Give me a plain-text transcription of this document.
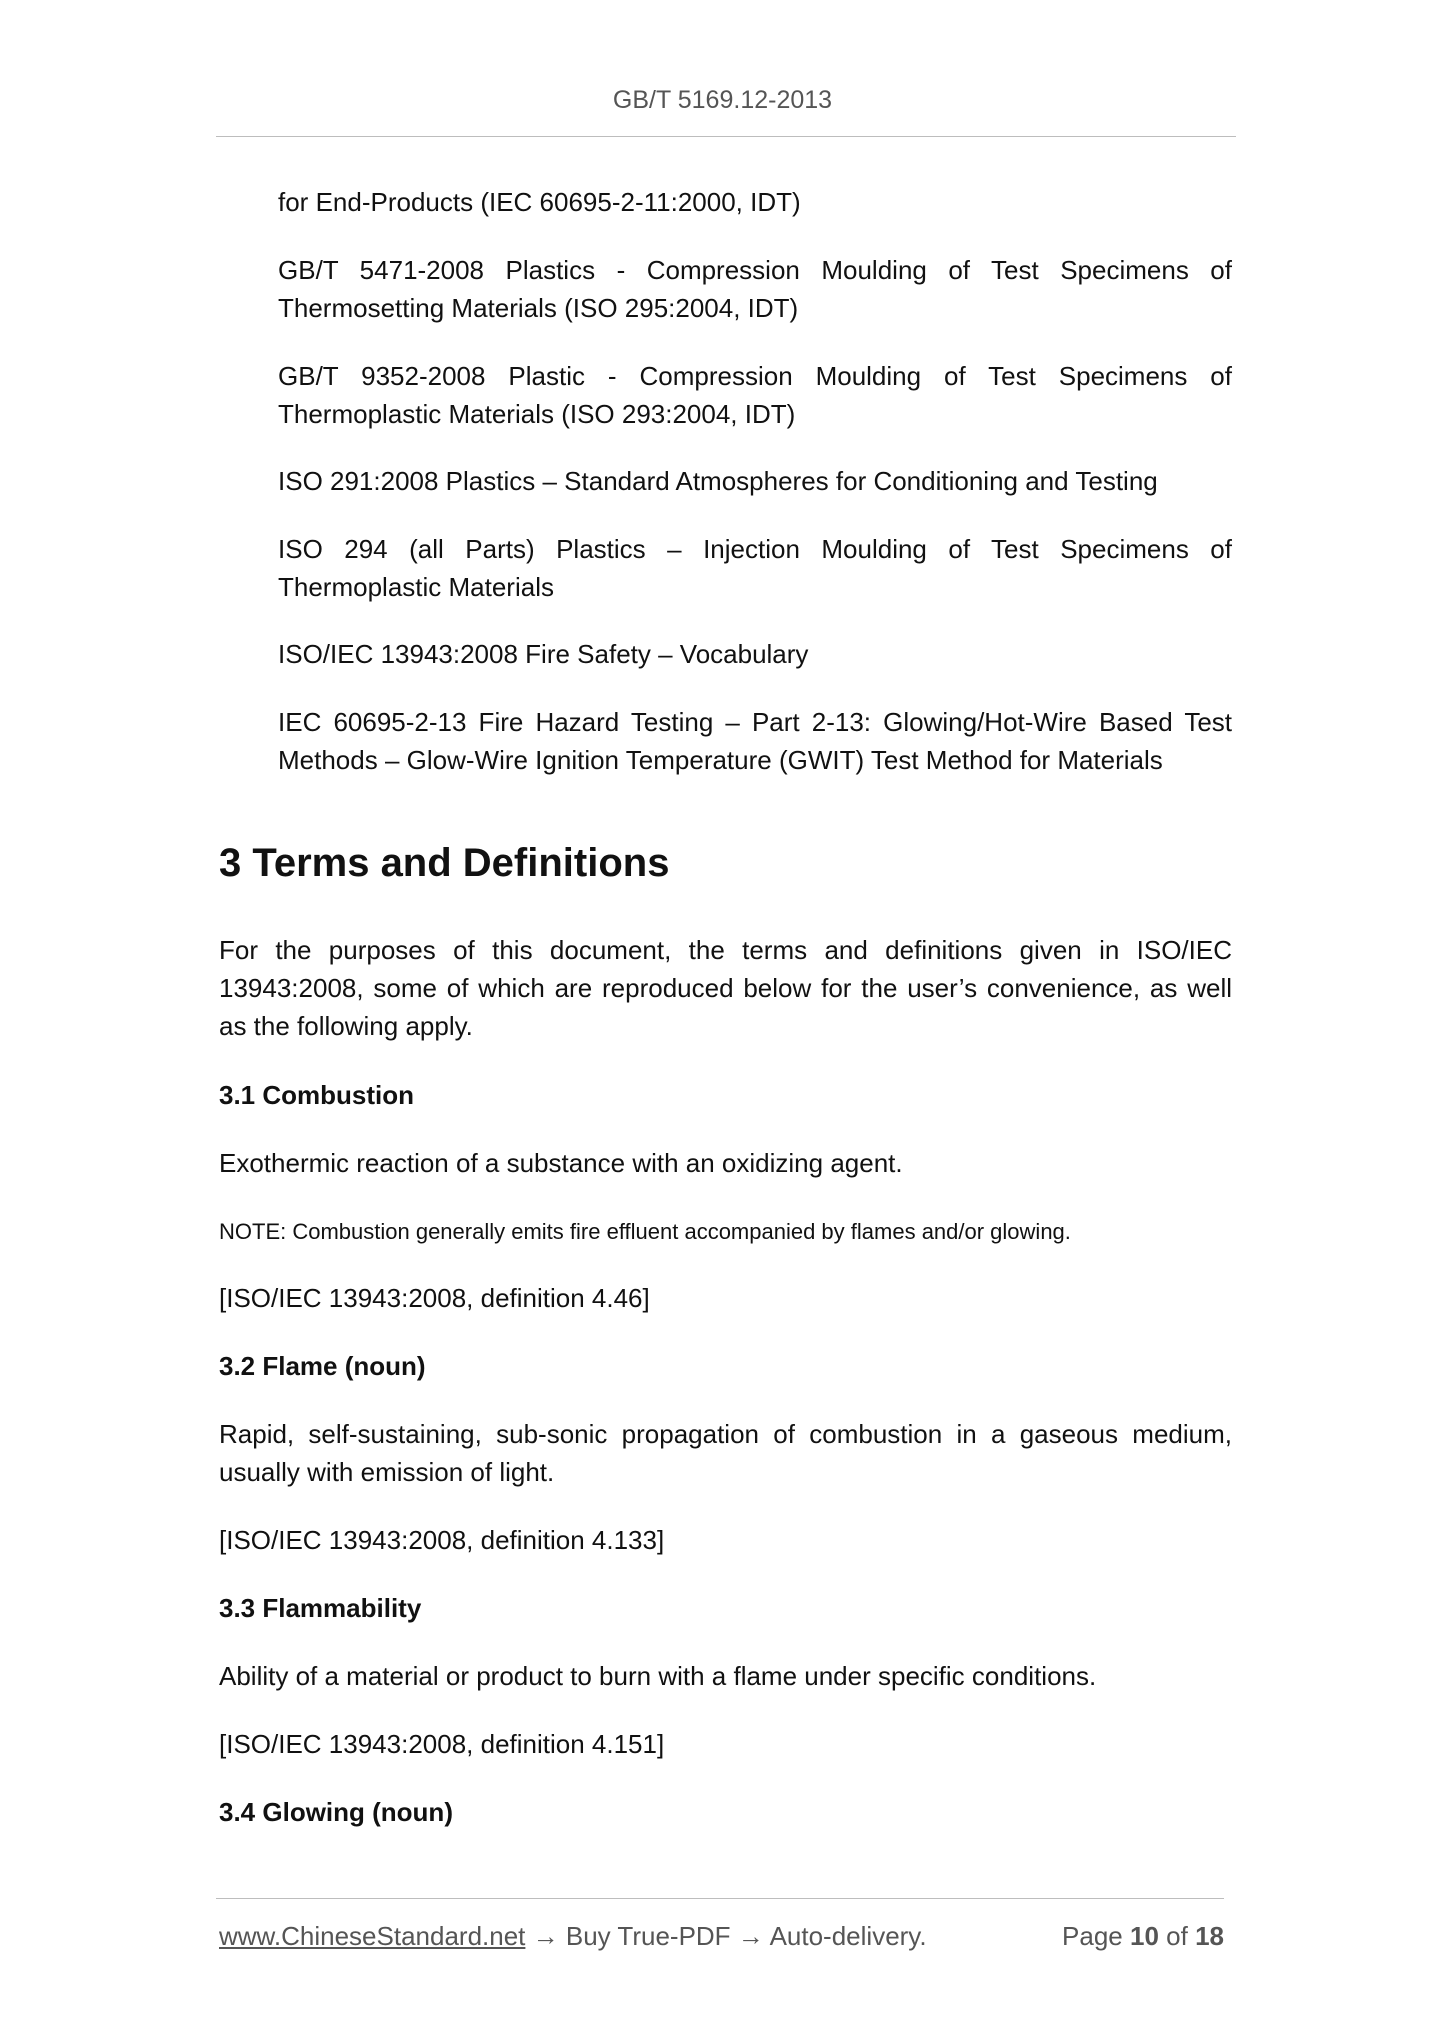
GB/T 5169.12-2013
for End-Products (IEC 60695-2-11:2000, IDT)
GB/T 5471-2008 Plastics - Compression Moulding of Test Specimens of Thermosetting Materials (ISO 295:2004, IDT)
GB/T 9352-2008 Plastic - Compression Moulding of Test Specimens of Thermoplastic Materials (ISO 293:2004, IDT)
ISO 291:2008 Plastics – Standard Atmospheres for Conditioning and Testing
ISO 294 (all Parts) Plastics – Injection Moulding of Test Specimens of Thermoplastic Materials
ISO/IEC 13943:2008 Fire Safety – Vocabulary
IEC 60695-2-13 Fire Hazard Testing – Part 2-13: Glowing/Hot-Wire Based Test Methods – Glow-Wire Ignition Temperature (GWIT) Test Method for Materials
3 Terms and Definitions
For the purposes of this document, the terms and definitions given in ISO/IEC 13943:2008, some of which are reproduced below for the user’s convenience, as well as the following apply.
3.1 Combustion
Exothermic reaction of a substance with an oxidizing agent.
NOTE: Combustion generally emits fire effluent accompanied by flames and/or glowing.
[ISO/IEC 13943:2008, definition 4.46]
3.2 Flame (noun)
Rapid, self-sustaining, sub-sonic propagation of combustion in a gaseous medium, usually with emission of light.
[ISO/IEC 13943:2008, definition 4.133]
3.3 Flammability
Ability of a material or product to burn with a flame under specific conditions.
[ISO/IEC 13943:2008, definition 4.151]
3.4 Glowing (noun)
www.ChineseStandard.net → Buy True-PDF → Auto-delivery.	Page 10 of 18
